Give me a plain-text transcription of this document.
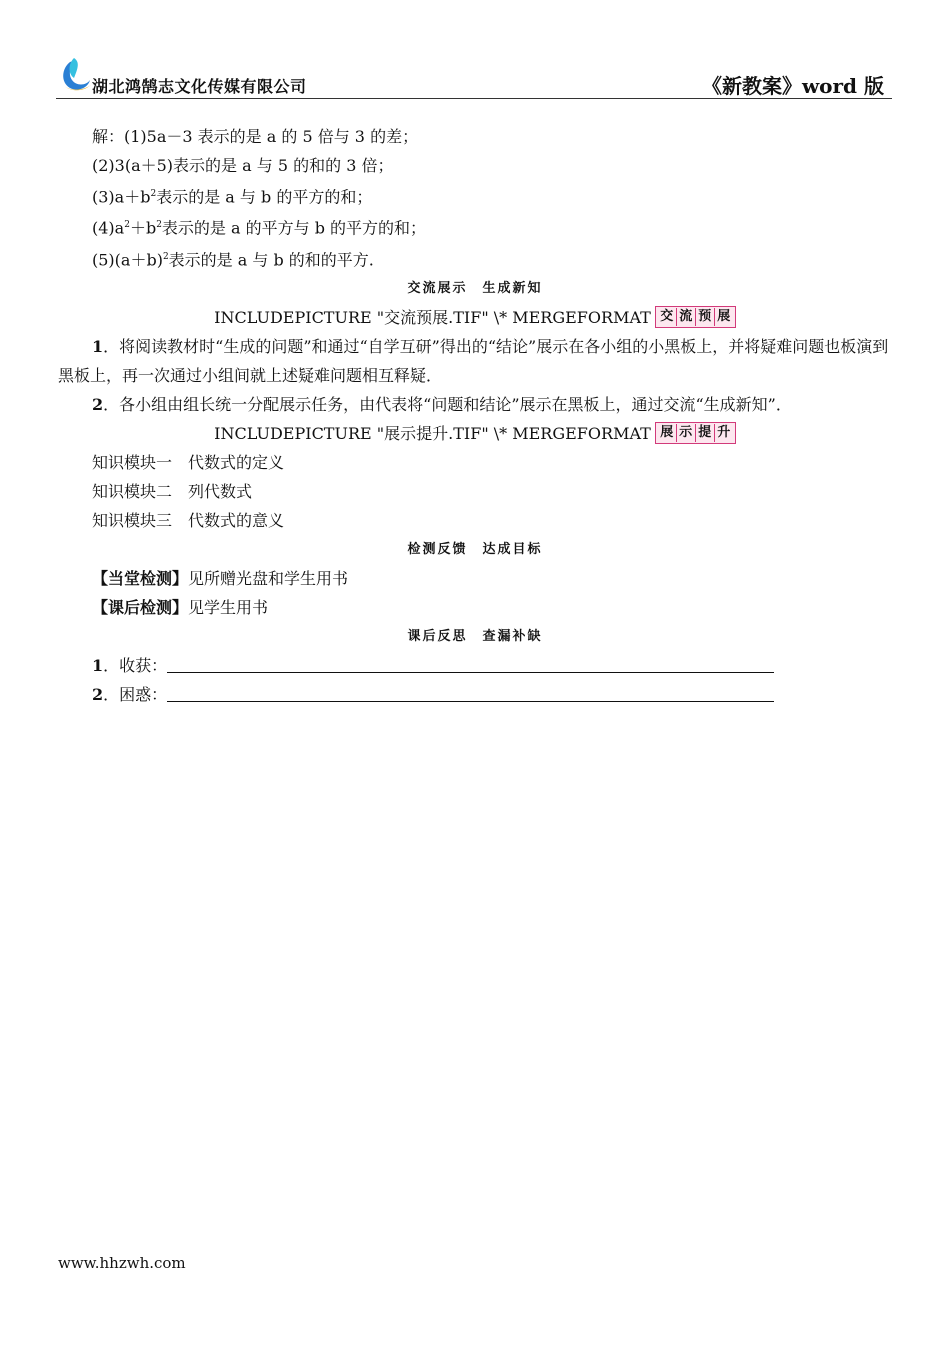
湖北鸿鹄志文化传媒有限公司	《新教案》word 版
解：(1)5a－3 表示的是 a 的 5 倍与 3 的差；
(2)3(a＋5)表示的是 a 与 5 的和的 3 倍；
$(3)a+b^2$表示的是 a 与 b 的平方的和；
$(4)a^2+b^2$表示的是 a 的平方与 b 的平方的和；
$(5)(a+b)^2$表示的是 a 与 b 的和的平方.
交流展示　生成新知
INCLUDEPICTURE "交流预展.TIF" \* MERGEFORMAT 交 流 预 展
1．将阅读教材时“生成的问题”和通过“自学互研”得出的“结论”展示在各小组的小黑板上，并将疑难问题也板演到黑板上，再一次通过小组间就上述疑难问题相互释疑．
2．各小组由组长统一分配展示任务，由代表将“问题和结论”展示在黑板上，通过交流“生成新知”．
INCLUDEPICTURE "展示提升.TIF" \* MERGEFORMAT 展 示 提 升
知识模块一　代数式的定义
知识模块二　列代数式
知识模块三　代数式的意义
检测反馈　达成目标
【当堂检测】见所赠光盘和学生用书
【课后检测】见学生用书
课后反思　查漏补缺
1．收获：
2．困惑：
www.hhzwh.com
